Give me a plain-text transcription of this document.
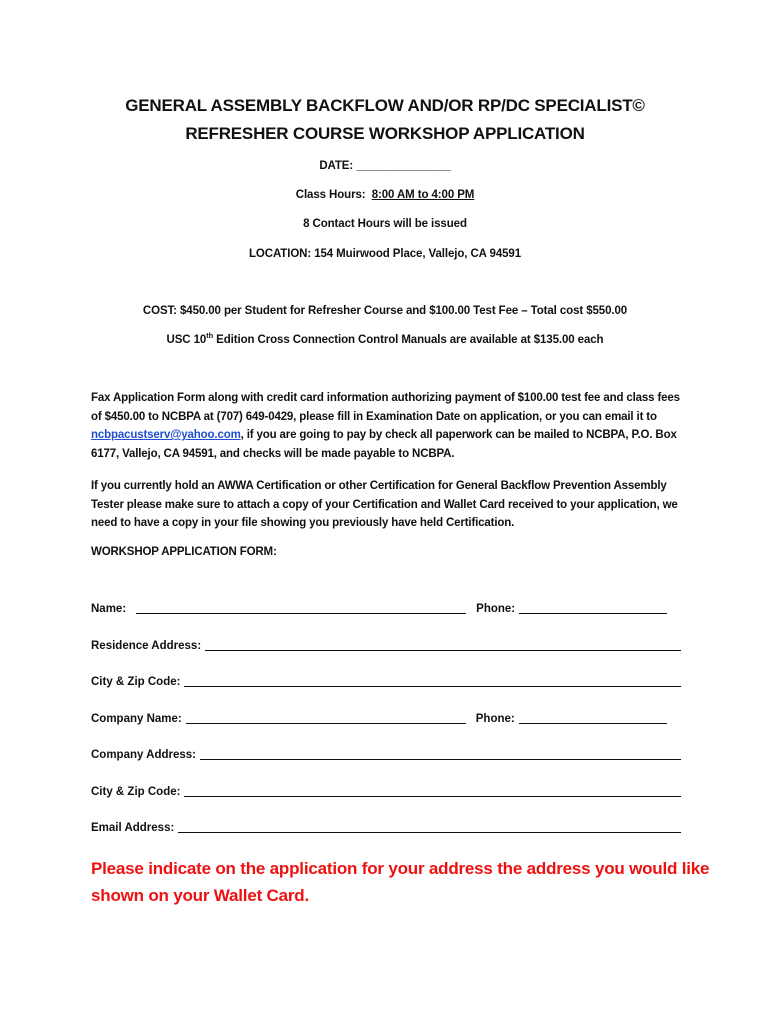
GENERAL ASSEMBLY BACKFLOW AND/OR RP/DC SPECIALIST©
REFRESHER COURSE WORKSHOP APPLICATION
DATE: _______________
Class Hours: 8:00 AM to 4:00 PM
8 Contact Hours will be issued
LOCATION: 154 Muirwood Place, Vallejo, CA 94591
COST: $450.00 per Student for Refresher Course and $100.00 Test Fee – Total cost $550.00
USC 10th Edition Cross Connection Control Manuals are available at $135.00 each
Fax Application Form along with credit card information authorizing payment of $100.00 test fee and class fees of $450.00 to NCBPA at (707) 649-0429, please fill in Examination Date on application, or you can email it to ncbpacustserv@yahoo.com, if you are going to pay by check all paperwork can be mailed to NCBPA, P.O. Box 6177, Vallejo, CA 94591, and checks will be made payable to NCBPA.
If you currently hold an AWWA Certification or other Certification for General Backflow Prevention Assembly Tester please make sure to attach a copy of your Certification and Wallet Card received to your application, we need to have a copy in your file showing you previously have held Certification.
WORKSHOP APPLICATION FORM:
Name:	Phone:
Residence Address:
City & Zip Code:
Company Name:	Phone:
Company Address:
City & Zip Code:
Email Address:
Please indicate on the application for your address the address you would like shown on your Wallet Card.
